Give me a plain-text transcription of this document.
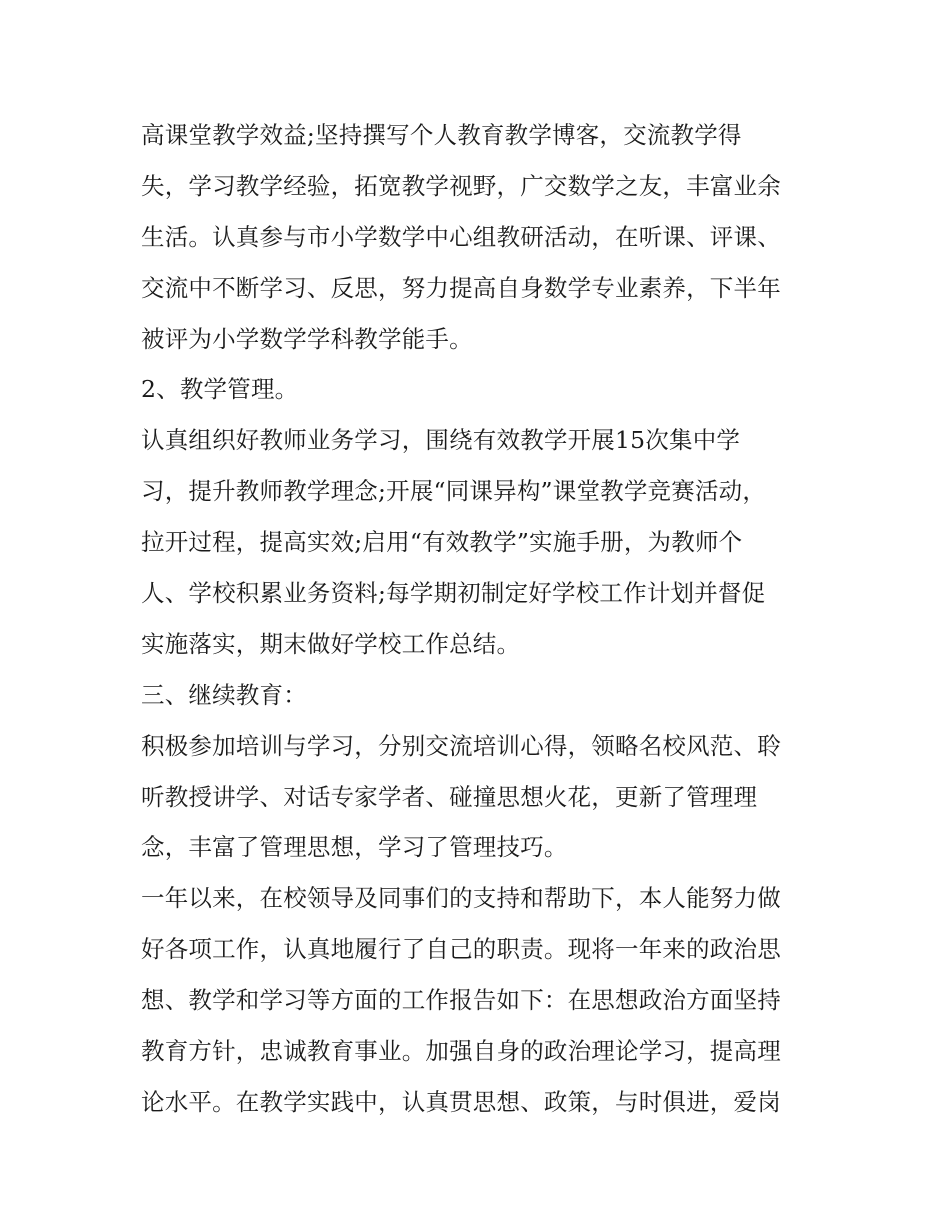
高课堂教学效益;坚持撰写个人教育教学博客，交流教学得
失，学习教学经验，拓宽教学视野，广交数学之友，丰富业余
生活。认真参与市小学数学中心组教研活动，在听课、评课、
交流中不断学习、反思，努力提高自身数学专业素养，下半年
被评为小学数学学科教学能手。
2、教学管理。
认真组织好教师业务学习，围绕有效教学开展15次集中学
习，提升教师教学理念;开展“同课异构”课堂教学竞赛活动，
拉开过程，提高实效;启用“有效教学”实施手册，为教师个
人、学校积累业务资料;每学期初制定好学校工作计划并督促
实施落实，期末做好学校工作总结。
三、继续教育：
积极参加培训与学习，分别交流培训心得，领略名校风范、聆
听教授讲学、对话专家学者、碰撞思想火花，更新了管理理
念，丰富了管理思想，学习了管理技巧。
一年以来，在校领导及同事们的支持和帮助下，本人能努力做
好各项工作，认真地履行了自己的职责。现将一年来的政治思
想、教学和学习等方面的工作报告如下：在思想政治方面坚持
教育方针，忠诚教育事业。加强自身的政治理论学习，提高理
论水平。在教学实践中，认真贯思想、政策，与时俱进，爱岗
